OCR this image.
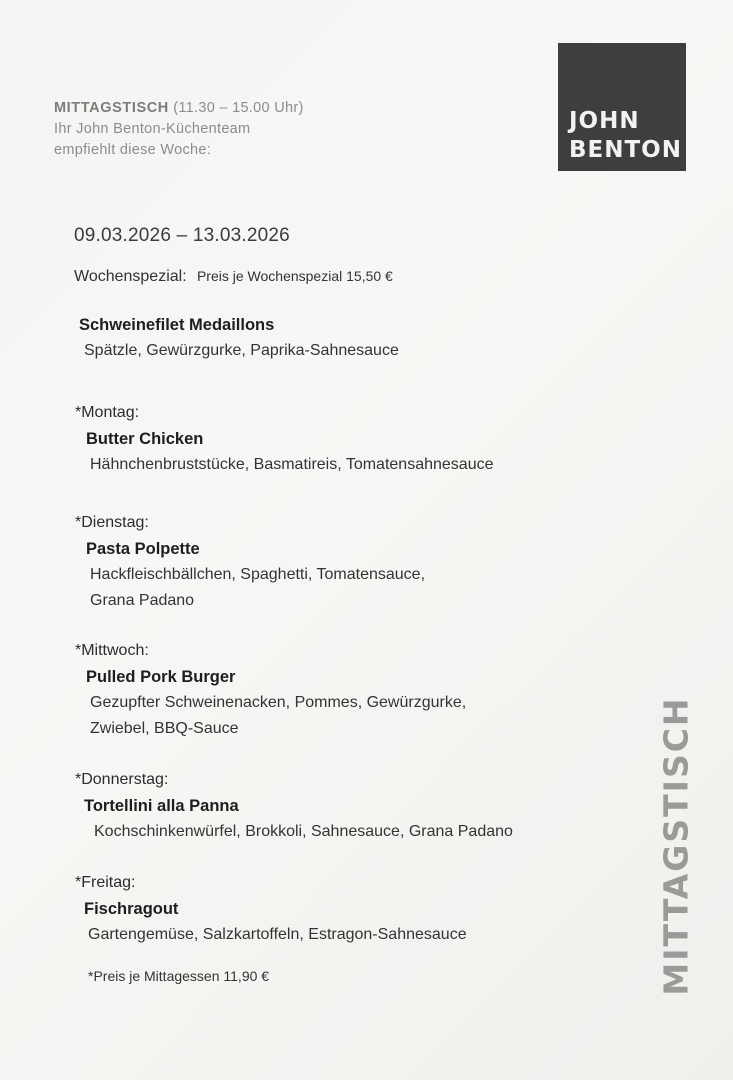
MITTAGSTISCH (11.30 – 15.00 Uhr)
Ihr John Benton-Küchenteam
empfiehlt diese Woche:
JOHN
BENTON
MITTAGSTISCH
09.03.2026 – 13.03.2026
Wochenspezial: Preis je Wochenspezial 15,50 €
Schweinefilet Medaillons
Spätzle, Gewürzgurke, Paprika-Sahnesauce
*Montag:
Butter Chicken
Hähnchenbruststücke, Basmatireis, Tomatensahnesauce
*Dienstag:
Pasta Polpette
Hackfleischbällchen, Spaghetti, Tomatensauce,
Grana Padano
*Mittwoch:
Pulled Pork Burger
Gezupfter Schweinenacken, Pommes, Gewürzgurke,
Zwiebel, BBQ-Sauce
*Donnerstag:
Tortellini alla Panna
Kochschinkenwürfel, Brokkoli, Sahnesauce, Grana Padano
*Freitag:
Fischragout
Gartengemüse, Salzkartoffeln, Estragon-Sahnesauce
*Preis je Mittagessen 11,90 €
